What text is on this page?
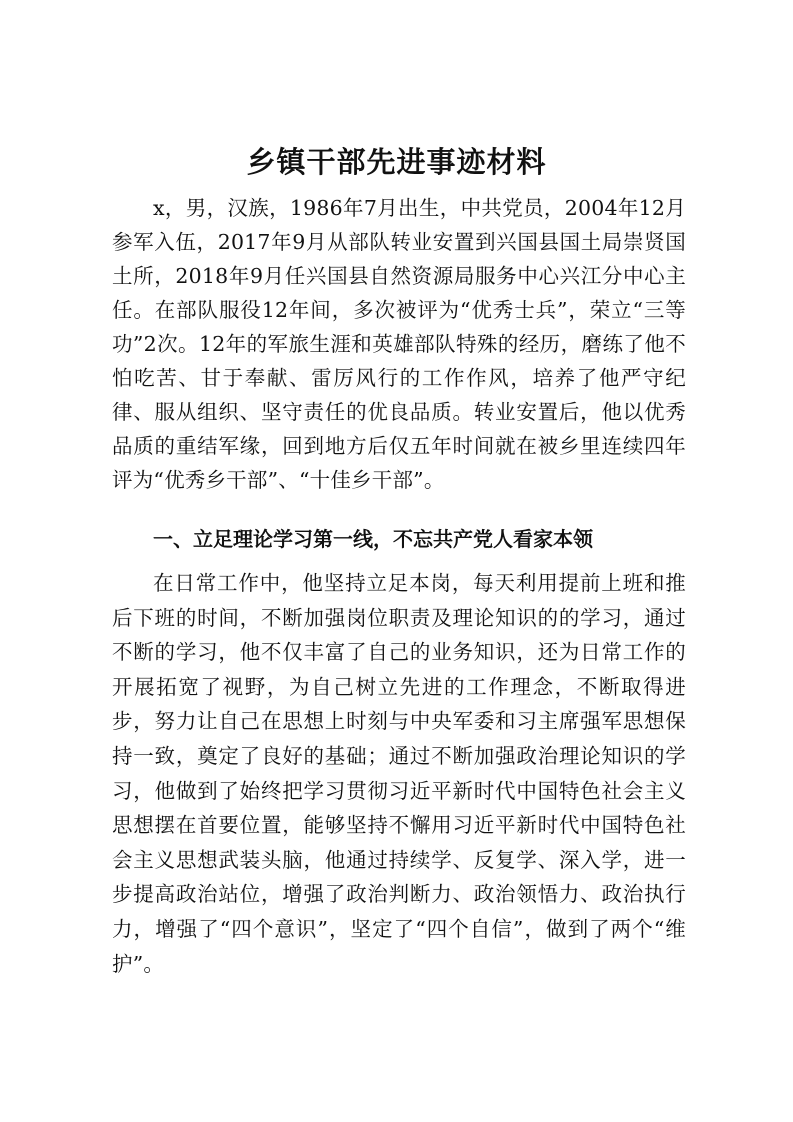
乡镇干部先进事迹材料

x，男，汉族，1986年7月出生，中共党员，2004年12月参军入伍，2017年9月从部队转业安置到兴国县国土局崇贤国土所，2018年9月任兴国县自然资源局服务中心兴江分中心主任。在部队服役12年间，多次被评为“优秀士兵”，荣立“三等功”2次。12年的军旅生涯和英雄部队特殊的经历，磨练了他不怕吃苦、甘于奉献、雷厉风行的工作作风，培养了他严守纪律、服从组织、坚守责任的优良品质。转业安置后，他以优秀品质的重结军缘，回到地方后仅五年时间就在被乡里连续四年评为“优秀乡干部”、“十佳乡干部”。

一、立足理论学习第一线，不忘共产党人看家本领

在日常工作中，他坚持立足本岗，每天利用提前上班和推后下班的时间，不断加强岗位职责及理论知识的的学习，通过不断的学习，他不仅丰富了自己的业务知识，还为日常工作的开展拓宽了视野，为自己树立先进的工作理念，不断取得进步，努力让自己在思想上时刻与中央军委和习主席强军思想保持一致，奠定了良好的基础；通过不断加强政治理论知识的学习，他做到了始终把学习贯彻习近平新时代中国特色社会主义思想摆在首要位置，能够坚持不懈用习近平新时代中国特色社会主义思想武装头脑，他通过持续学、反复学、深入学，进一步提高政治站位，增强了政治判断力、政治领悟力、政治执行力，增强了“四个意识”，坚定了“四个自信”，做到了两个“维护”。
